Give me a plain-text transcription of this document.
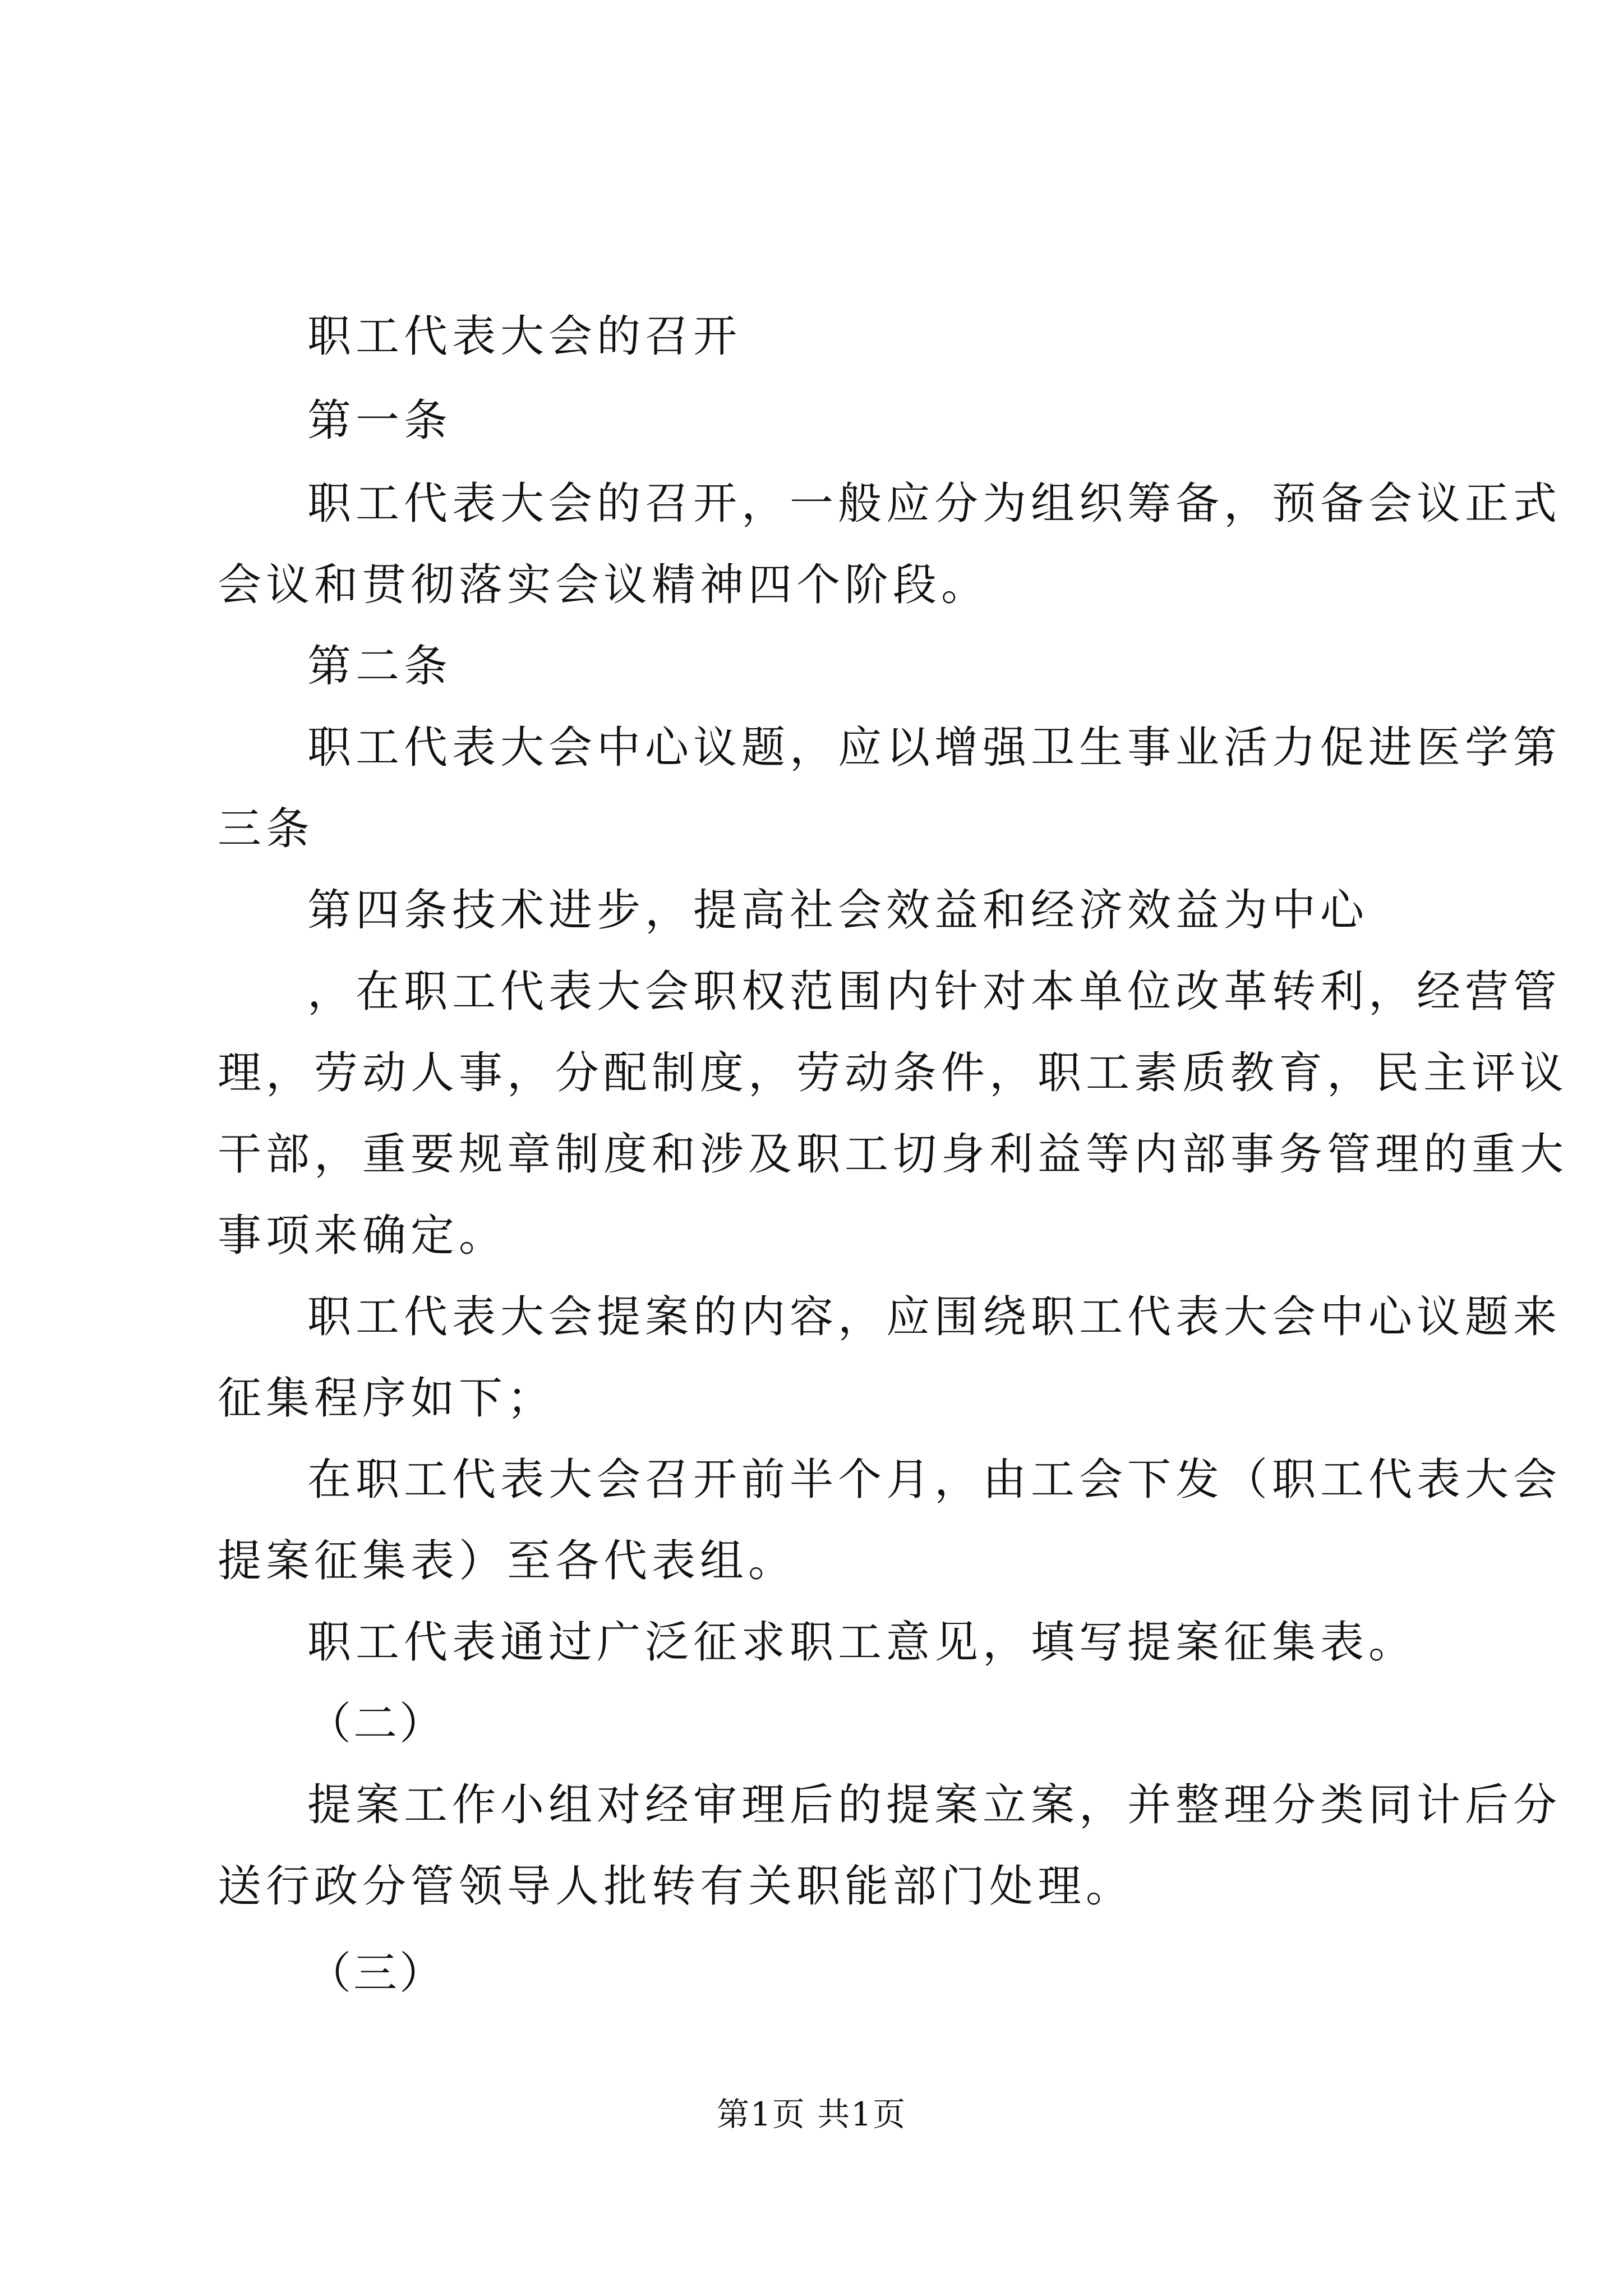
职工代表大会的召开
第一条
职工代表大会的召开，一般应分为组织筹备，预备会议正式
会议和贯彻落实会议精神四个阶段。
第二条
职工代表大会中心议题，应以增强卫生事业活力促进医学第
三条
第四条技术进步，提高社会效益和经济效益为中心
，在职工代表大会职权范围内针对本单位改革转利，经营管
理，劳动人事，分配制度，劳动条件，职工素质教育，民主评议
干部，重要规章制度和涉及职工切身利益等内部事务管理的重大
事项来确定。
职工代表大会提案的内容，应围绕职工代表大会中心议题来
征集程序如下；
在职工代表大会召开前半个月，由工会下发（职工代表大会
提案征集表）至各代表组。
职工代表通过广泛征求职工意见，填写提案征集表。
（二）
提案工作小组对经审理后的提案立案，并整理分类同计后分
送行政分管领导人批转有关职能部门处理。
（三）
第1页 共1页
